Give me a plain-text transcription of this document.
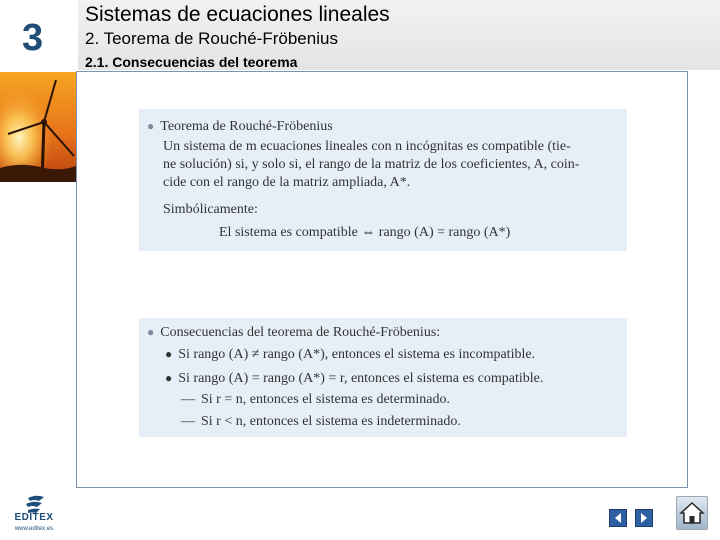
3
Sistemas de ecuaciones lineales
2. Teorema de Rouché-Fröbenius
2.1. Consecuencias del teorema
● Teorema de Rouché-Fröbenius
Un sistema de m ecuaciones lineales con n incógnitas es compatible (tie-
ne solución) si, y solo si, el rango de la matriz de los coeficientes, A, coin-
cide con el rango de la matriz ampliada, A*.
Simbólicamente:
El sistema es compatible ⇔ rango (A) = rango (A*)
● Consecuencias del teorema de Rouché-Fröbenius:
● Si rango (A) ≠ rango (A*), entonces el sistema es incompatible.
● Si rango (A) = rango (A*) = r, entonces el sistema es compatible.
— Si r = n, entonces el sistema es determinado.
— Si r < n, entonces el sistema es indeterminado.
EDITEX
www.editex.es
